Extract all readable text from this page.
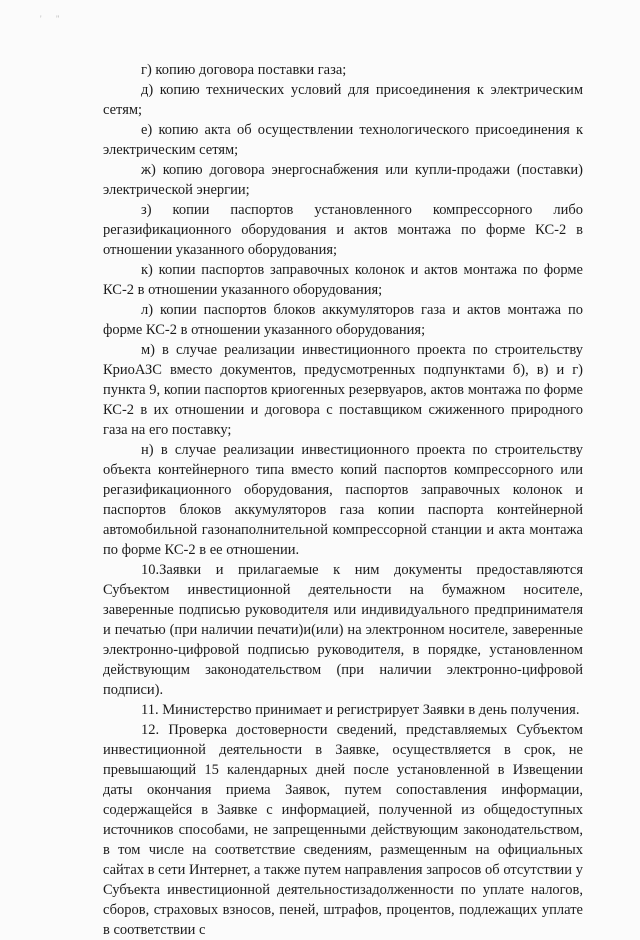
' "

г) копию договора поставки газа;

д) копию технических условий для присоединения к электрическим сетям;

е) копию акта об осуществлении технологического присоединения к электрическим сетям;

ж) копию договора энергоснабжения или купли-продажи (поставки) электрической энергии;

з) копии паспортов установленного компрессорного либо регазификационного оборудования и актов монтажа по форме КС-2 в отношении указанного оборудования;

к) копии паспортов заправочных колонок и актов монтажа по форме КС-2 в отношении указанного оборудования;

л) копии паспортов блоков аккумуляторов газа и актов монтажа по форме КС-2 в отношении указанного оборудования;

м) в случае реализации инвестиционного проекта по строительству КриоАЗС вместо документов, предусмотренных подпунктами б), в) и г) пункта 9, копии паспортов криогенных резервуаров, актов монтажа по форме КС-2 в их отношении и договора с поставщиком сжиженного природного газа на его поставку;

н) в случае реализации инвестиционного проекта по строительству объекта контейнерного типа вместо копий паспортов компрессорного или регазификационного оборудования, паспортов заправочных колонок и паспортов блоков аккумуляторов газа копии паспорта контейнерной автомобильной газонаполнительной компрессорной станции и акта монтажа по форме КС-2 в ее отношении.

10.Заявки и прилагаемые к ним документы предоставляются Субъектом инвестиционной деятельности на бумажном носителе, заверенные подписью руководителя или индивидуального предпринимателя и печатью (при наличии печати)и(или) на электронном носителе, заверенные электронно-цифровой подписью руководителя, в порядке, установленном действующим законодательством (при наличии электронно-цифровой подписи).

11. Министерство принимает и регистрирует Заявки в день получения.

12. Проверка достоверности сведений, представляемых Субъектом инвестиционной деятельности в Заявке, осуществляется в срок, не превышающий 15 календарных дней после установленной в Извещении даты окончания приема Заявок, путем сопоставления информации, содержащейся в Заявке с информацией, полученной из общедоступных источников способами, не запрещенными действующим законодательством, в том числе на соответствие сведениям, размещенным на официальных сайтах в сети Интернет, а также путем направления запросов об отсутствии у Субъекта инвестиционной деятельностизадолженности по уплате налогов, сборов, страховых взносов, пеней, штрафов, процентов, подлежащих уплате в соответствии с
